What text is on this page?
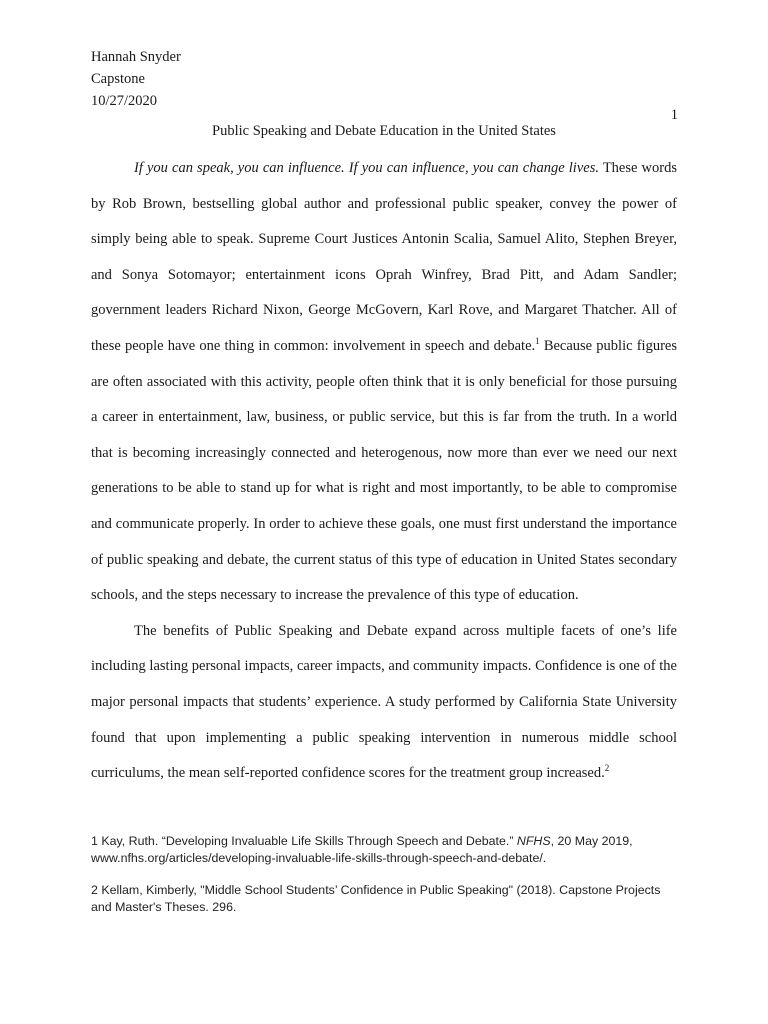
Hannah Snyder
Capstone
10/27/2020
1
Public Speaking and Debate Education in the United States

If you can speak, you can influence. If you can influence, you can change lives. These words by Rob Brown, bestselling global author and professional public speaker, convey the power of simply being able to speak. Supreme Court Justices Antonin Scalia, Samuel Alito, Stephen Breyer, and Sonya Sotomayor; entertainment icons Oprah Winfrey, Brad Pitt, and Adam Sandler; government leaders Richard Nixon, George McGovern, Karl Rove, and Margaret Thatcher. All of these people have one thing in common: involvement in speech and debate.$^1$ Because public figures are often associated with this activity, people often think that it is only beneficial for those pursuing a career in entertainment, law, business, or public service, but this is far from the truth. In a world that is becoming increasingly connected and heterogenous, now more than ever we need our next generations to be able to stand up for what is right and most importantly, to be able to compromise and communicate properly. In order to achieve these goals, one must first understand the importance of public speaking and debate, the current status of this type of education in United States secondary schools, and the steps necessary to increase the prevalence of this type of education.

The benefits of Public Speaking and Debate expand across multiple facets of one’s life including lasting personal impacts, career impacts, and community impacts. Confidence is one of the major personal impacts that students’ experience. A study performed by California State University found that upon implementing a public speaking intervention in numerous middle school curriculums, the mean self-reported confidence scores for the treatment group increased.$^2$

1 Kay, Ruth. “Developing Invaluable Life Skills Through Speech and Debate.” NFHS, 20 May 2019, www.nfhs.org/articles/developing-invaluable-life-skills-through-speech-and-debate/.

2 Kellam, Kimberly, "Middle School Students’ Confidence in Public Speaking" (2018). Capstone Projects and Master's Theses. 296.
